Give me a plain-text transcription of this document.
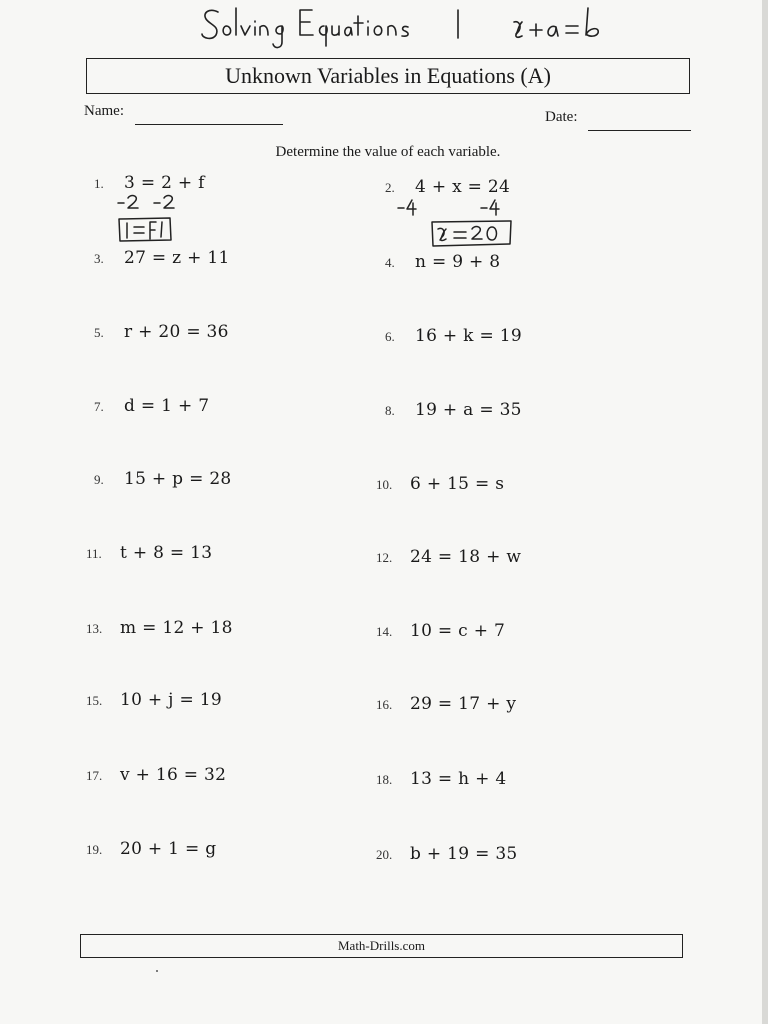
Unknown Variables in Equations (A)
Name:	Date:
Determine the value of each variable.
1.	3 = 2 + f	2.	4 + x = 24
3.	27 = z + 11	4.	n = 9 + 8
5.	r + 20 = 36	6.	16 + k = 19
7.	d = 1 + 7	8.	19 + a = 35
9.	15 + p = 28	10.	6 + 15 = s
11.	t + 8 = 13	12.	24 = 18 + w
13.	m = 12 + 18	14.	10 = c + 7
15.	10 + j = 19	16.	29 = 17 + y
17.	v + 16 = 32	18.	13 = h + 4
19.	20 + 1 = g	20.	b + 19 = 35
Math-Drills.com
